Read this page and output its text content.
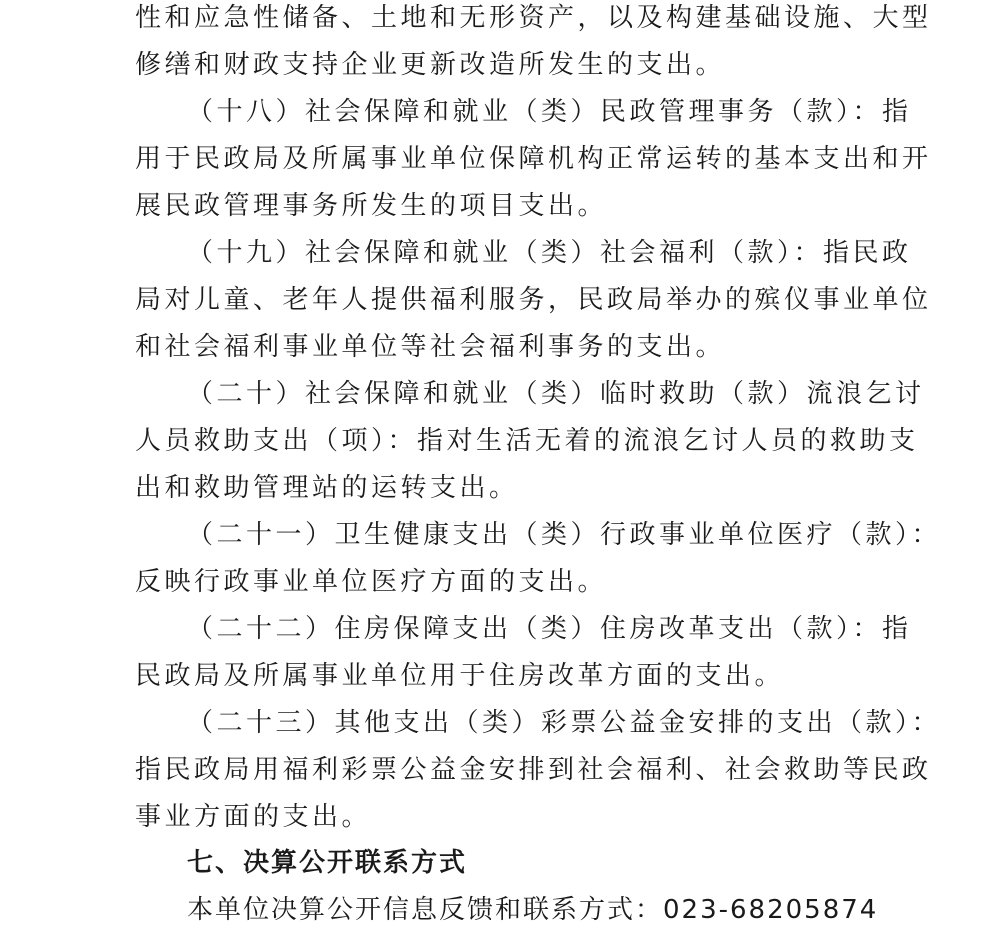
性和应急性储备、土地和无形资产，以及构建基础设施、大型
修缮和财政支持企业更新改造所发生的支出。
（十八）社会保障和就业（类）民政管理事务（款）：指
用于民政局及所属事业单位保障机构正常运转的基本支出和开
展民政管理事务所发生的项目支出。
（十九）社会保障和就业（类）社会福利（款）：指民政
局对儿童、老年人提供福利服务，民政局举办的殡仪事业单位
和社会福利事业单位等社会福利事务的支出。
（二十）社会保障和就业（类）临时救助（款）流浪乞讨
人员救助支出（项）：指对生活无着的流浪乞讨人员的救助支
出和救助管理站的运转支出。
（二十一）卫生健康支出（类）行政事业单位医疗（款）：
反映行政事业单位医疗方面的支出。
（二十二）住房保障支出（类）住房改革支出（款）：指
民政局及所属事业单位用于住房改革方面的支出。
（二十三）其他支出（类）彩票公益金安排的支出（款）：
指民政局用福利彩票公益金安排到社会福利、社会救助等民政
事业方面的支出。
七、决算公开联系方式
本单位决算公开信息反馈和联系方式：023-68205874
